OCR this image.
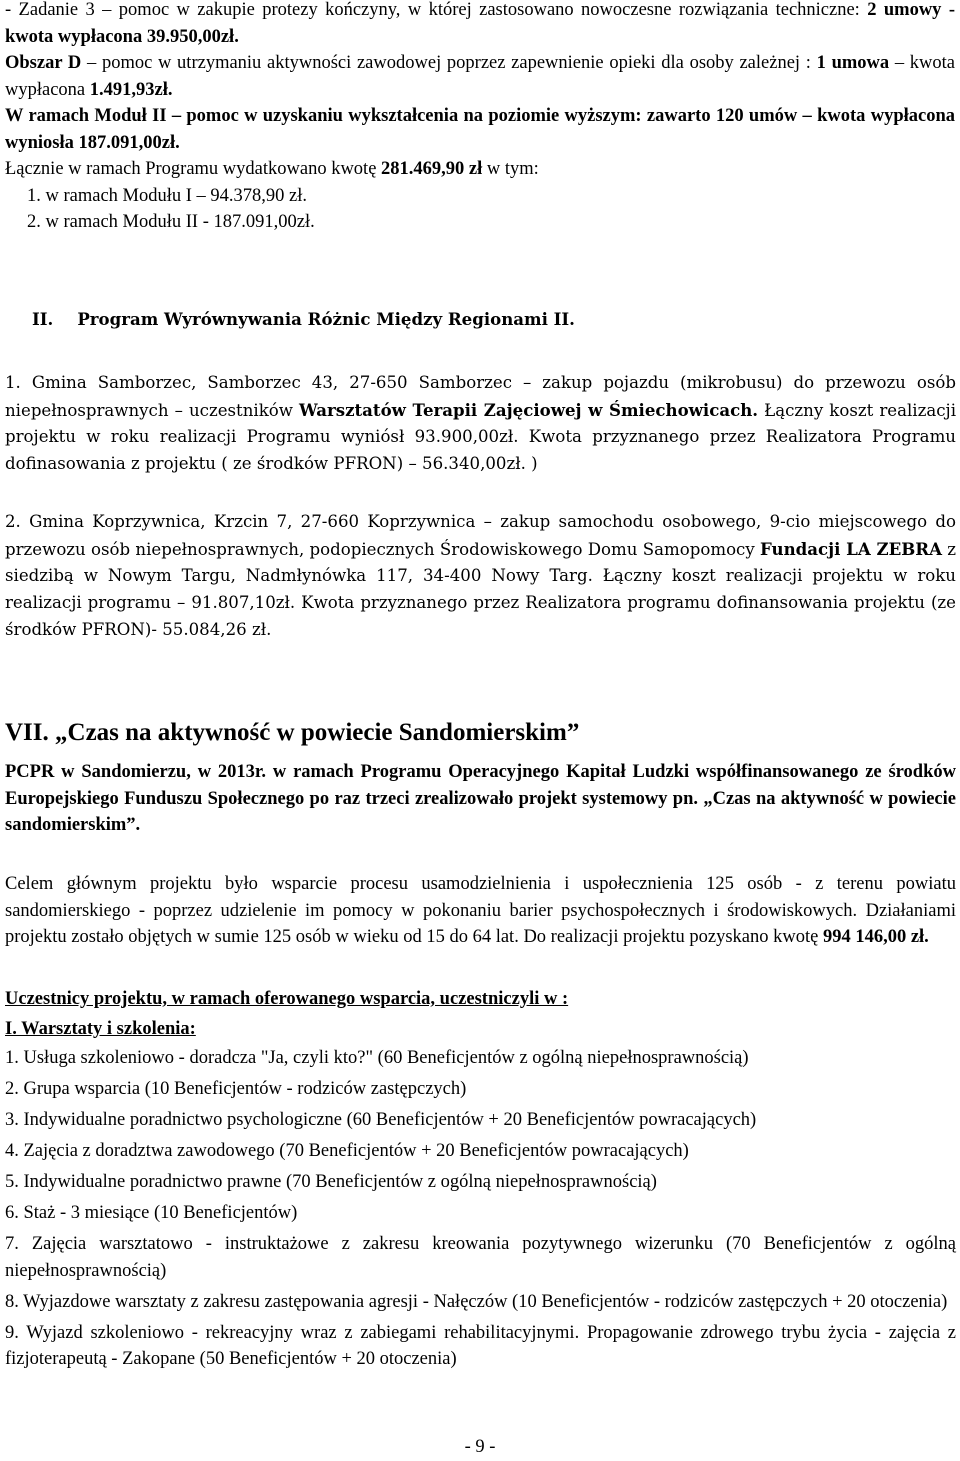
- Zadanie 3 – pomoc w zakupie protezy kończyny, w której zastosowano nowoczesne rozwiązania techniczne: 2 umowy - kwota wypłacona 39.950,00zł.

Obszar D – pomoc w utrzymaniu aktywności zawodowej poprzez zapewnienie opieki dla osoby zależnej : 1 umowa – kwota wypłacona 1.491,93zł.

W ramach Moduł II – pomoc w uzyskaniu wykształcenia na poziomie wyższym: zawarto 120 umów – kwota wypłacona wyniosła 187.091,00zł.

Łącznie w ramach Programu wydatkowano kwotę 281.469,90 zł w tym:

1. w ramach Modułu I – 94.378,90 zł.
2. w ramach Modułu II - 187.091,00zł.
II. Program Wyrównywania Różnic Między Regionami II.

1. Gmina Samborzec, Samborzec 43, 27-650 Samborzec – zakup pojazdu (mikrobusu) do przewozu osób niepełnosprawnych – uczestników Warsztatów Terapii Zajęciowej w Śmiechowicach. Łączny koszt realizacji projektu w roku realizacji Programu wyniósł 93.900,00zł. Kwota przyznanego przez Realizatora Programu dofinasowania z projektu ( ze środków PFRON) – 56.340,00zł. )

2. Gmina Koprzywnica, Krzcin 7, 27-660 Koprzywnica – zakup samochodu osobowego, 9-cio miejscowego do przewozu osób niepełnosprawnych, podopiecznych Środowiskowego Domu Samopomocy Fundacji LA ZEBRA z siedzibą w Nowym Targu, Nadmłynówka 117, 34-400 Nowy Targ. Łączny koszt realizacji projektu w roku realizacji programu – 91.807,10zł. Kwota przyznanego przez Realizatora programu dofinansowania projektu (ze środków PFRON)- 55.084,26 zł.

VII. „Czas na aktywność w powiecie Sandomierskim”

PCPR w Sandomierzu, w 2013r. w ramach Programu Operacyjnego Kapitał Ludzki współfinansowanego ze środków Europejskiego Funduszu Społecznego po raz trzeci zrealizowało projekt systemowy pn. „Czas na aktywność w powiecie sandomierskim”.

Celem głównym projektu było wsparcie procesu usamodzielnienia i uspołecznienia 125 osób - z terenu powiatu sandomierskiego - poprzez udzielenie im pomocy w pokonaniu barier psychospołecznych i środowiskowych. Działaniami projektu zostało objętych w sumie 125 osób w wieku od 15 do 64 lat. Do realizacji projektu pozyskano kwotę 994 146,00 zł.

Uczestnicy projektu, w ramach oferowanego wsparcia, uczestniczyli w :
I. Warsztaty i szkolenia:

1. Usługa szkoleniowo - doradcza "Ja, czyli kto?" (60 Beneficjentów z ogólną niepełnosprawnością)

2. Grupa wsparcia (10 Beneficjentów - rodziców zastępczych)

3. Indywidualne poradnictwo psychologiczne (60 Beneficjentów + 20 Beneficjentów powracających)

4. Zajęcia z doradztwa zawodowego (70 Beneficjentów + 20 Beneficjentów powracających)

5. Indywidualne poradnictwo prawne (70 Beneficjentów z ogólną niepełnosprawnością)

6. Staż - 3 miesiące (10 Beneficjentów)

7. Zajęcia warsztatowo - instruktażowe z zakresu kreowania pozytywnego wizerunku (70 Beneficjentów z ogólną niepełnosprawnością)

8. Wyjazdowe warsztaty z zakresu zastępowania agresji - Nałęczów (10 Beneficjentów - rodziców zastępczych + 20 otoczenia)

9. Wyjazd szkoleniowo - rekreacyjny wraz z zabiegami rehabilitacyjnymi. Propagowanie zdrowego trybu życia - zajęcia z fizjoterapeutą - Zakopane (50 Beneficjentów + 20 otoczenia)

- 9 -
